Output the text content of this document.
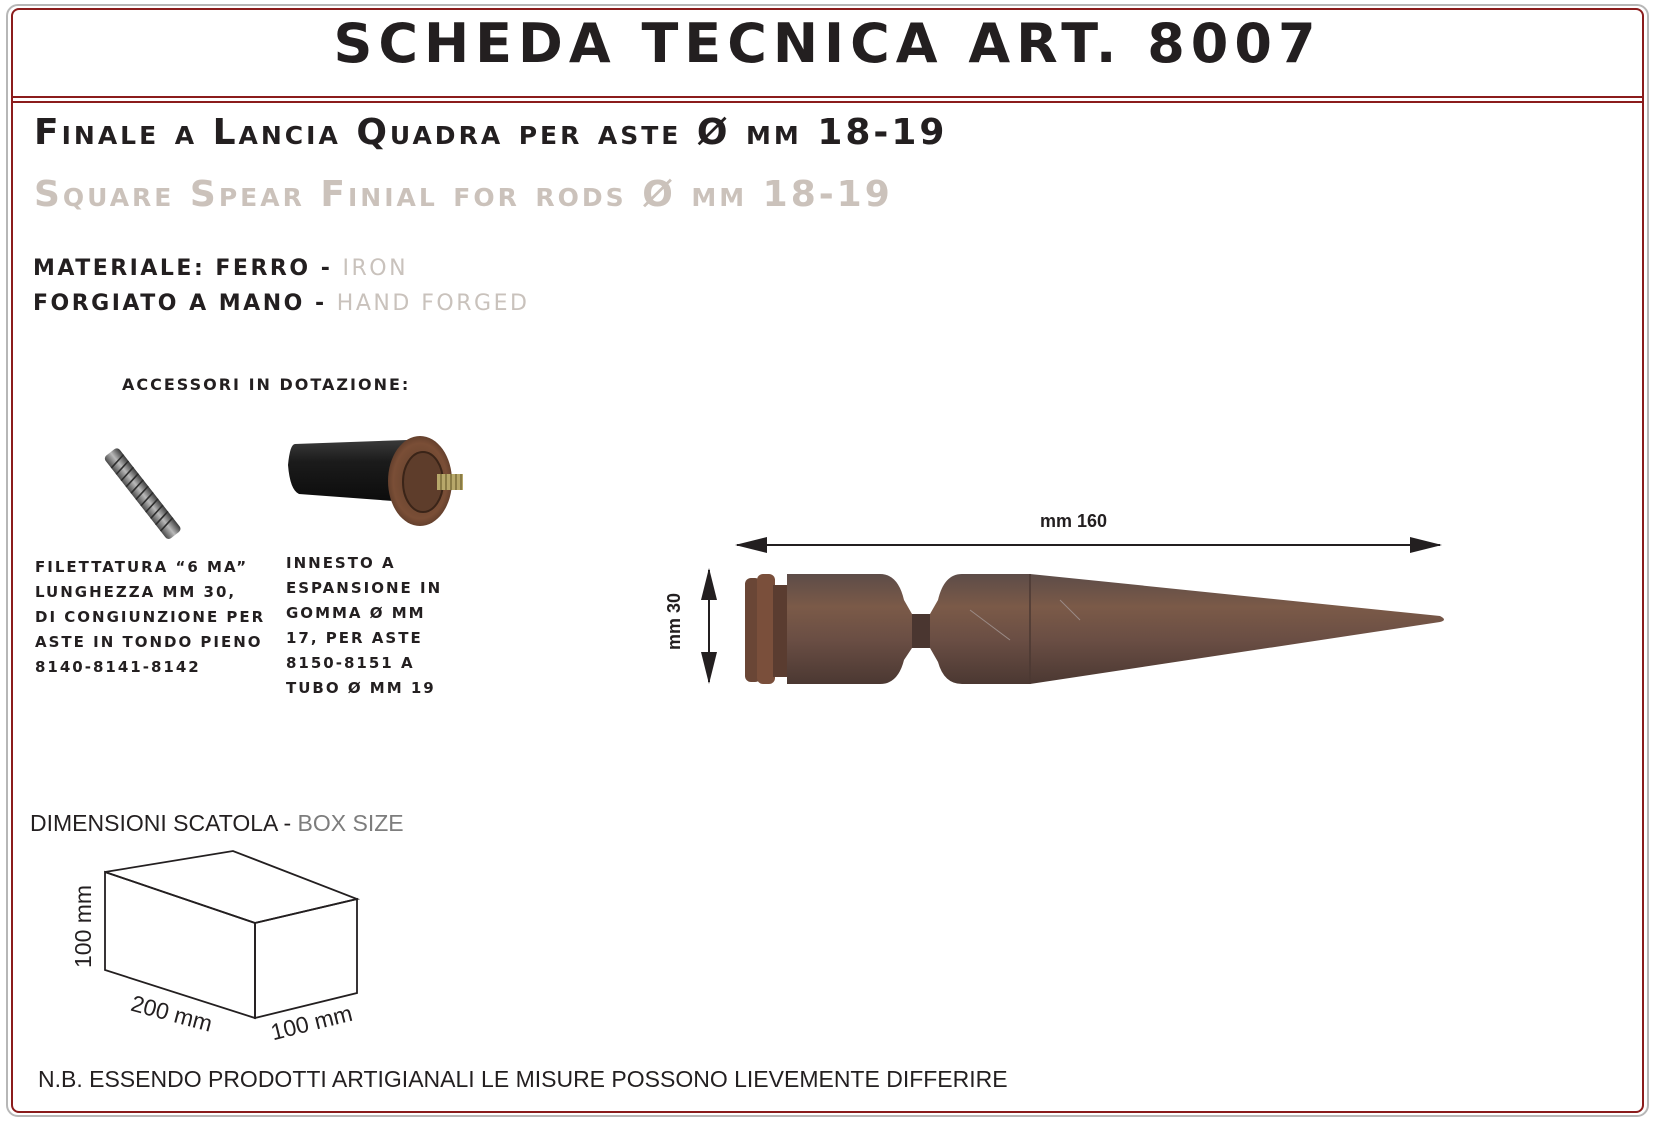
SCHEDA TECNICA ART. 8007
Finale a Lancia Quadra per aste Ø mm 18-19
Square Spear Finial for rods Ø mm 18-19
MATERIALE: FERRO - IRON
FORGIATO A MANO - HAND FORGED
ACCESSORI IN DOTAZIONE:
FILETTATURA “6 MA”
LUNGHEZZA MM 30,
DI CONGIUNZIONE PER
ASTE IN TONDO PIENO
8140-8141-8142
INNESTO A
ESPANSIONE IN
GOMMA Ø MM
17, PER ASTE
8150-8151 A
TUBO Ø MM 19
mm 160
mm 30
DIMENSIONI SCATOLA - BOX SIZE
100 mm
200 mm 100 mm
N.B. ESSENDO PRODOTTI ARTIGIANALI LE MISURE POSSONO LIEVEMENTE DIFFERIRE
